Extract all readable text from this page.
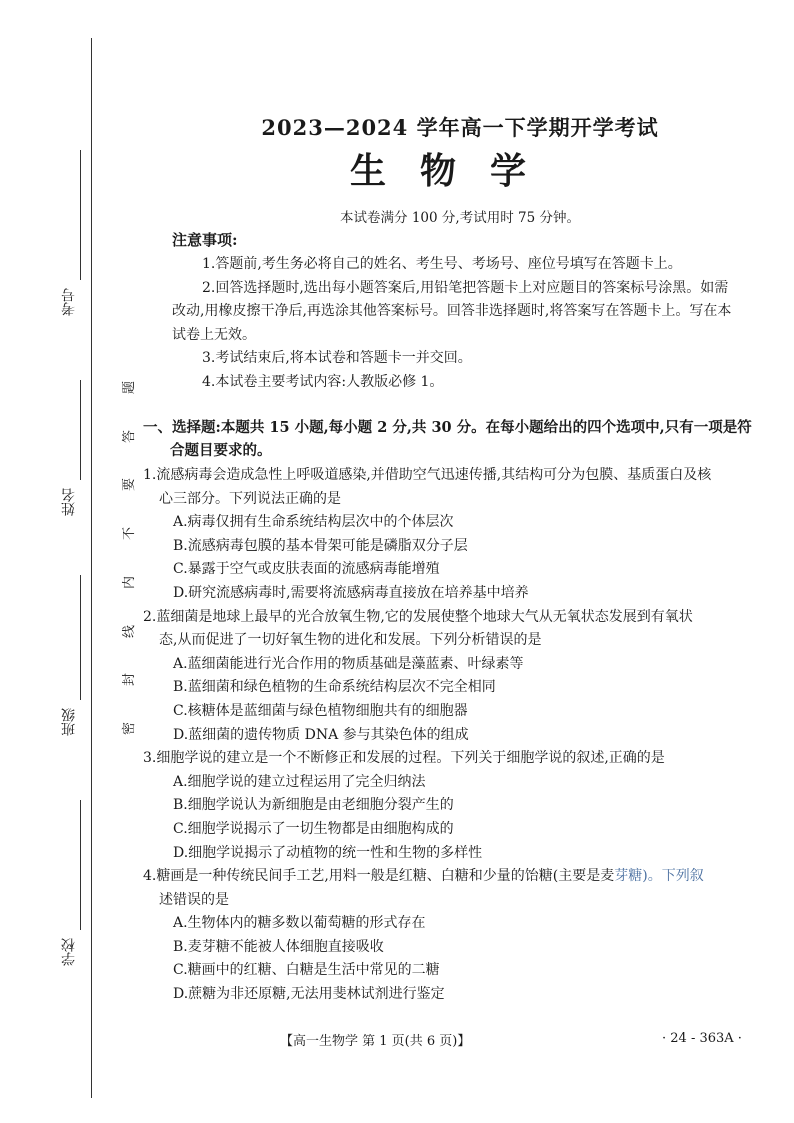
考号
姓名
班级
学校
题
答
要
不
内
线
封
密
2023—2024 学年高一下学期开学考试
生物学
本试卷满分 100 分,考试用时 75 分钟。
注意事项:

1.答题前,考生务必将自己的姓名、考生号、考场号、座位号填写在答题卡上。

2.回答选择题时,选出每小题答案后,用铅笔把答题卡上对应题目的答案标号涂黑。如需改动,用橡皮擦干净后,再选涂其他答案标号。回答非选择题时,将答案写在答题卡上。写在本试卷上无效。

3.考试结束后,将本试卷和答题卡一并交回。

4.本试卷主要考试内容:人教版必修 1。

一、选择题:本题共 15 小题,每小题 2 分,共 30 分。在每小题给出的四个选项中,只有一项是符
合题目要求的。
1.流感病毒会造成急性上呼吸道感染,并借助空气迅速传播,其结构可分为包膜、基质蛋白及核
心三部分。下列说法正确的是
A.病毒仅拥有生命系统结构层次中的个体层次
B.流感病毒包膜的基本骨架可能是磷脂双分子层
C.暴露于空气或皮肤表面的流感病毒能增殖
D.研究流感病毒时,需要将流感病毒直接放在培养基中培养
2.蓝细菌是地球上最早的光合放氧生物,它的发展使整个地球大气从无氧状态发展到有氧状
态,从而促进了一切好氧生物的进化和发展。下列分析错误的是
A.蓝细菌能进行光合作用的物质基础是藻蓝素、叶绿素等
B.蓝细菌和绿色植物的生命系统结构层次不完全相同
C.核糖体是蓝细菌与绿色植物细胞共有的细胞器
D.蓝细菌的遗传物质 DNA 参与其染色体的组成
3.细胞学说的建立是一个不断修正和发展的过程。下列关于细胞学说的叙述,正确的是
A.细胞学说的建立过程运用了完全归纳法
B.细胞学说认为新细胞是由老细胞分裂产生的
C.细胞学说揭示了一切生物都是由细胞构成的
D.细胞学说揭示了动植物的统一性和生物的多样性
4.糖画是一种传统民间手工艺,用料一般是红糖、白糖和少量的饴糖(主要是麦芽糖)。下列叙
述错误的是
A.生物体内的糖多数以葡萄糖的形式存在
B.麦芽糖不能被人体细胞直接吸收
C.糖画中的红糖、白糖是生活中常见的二糖
D.蔗糖为非还原糖,无法用斐林试剂进行鉴定
【高一生物学 第 1 页(共 6 页)】	· 24 - 363A ·
